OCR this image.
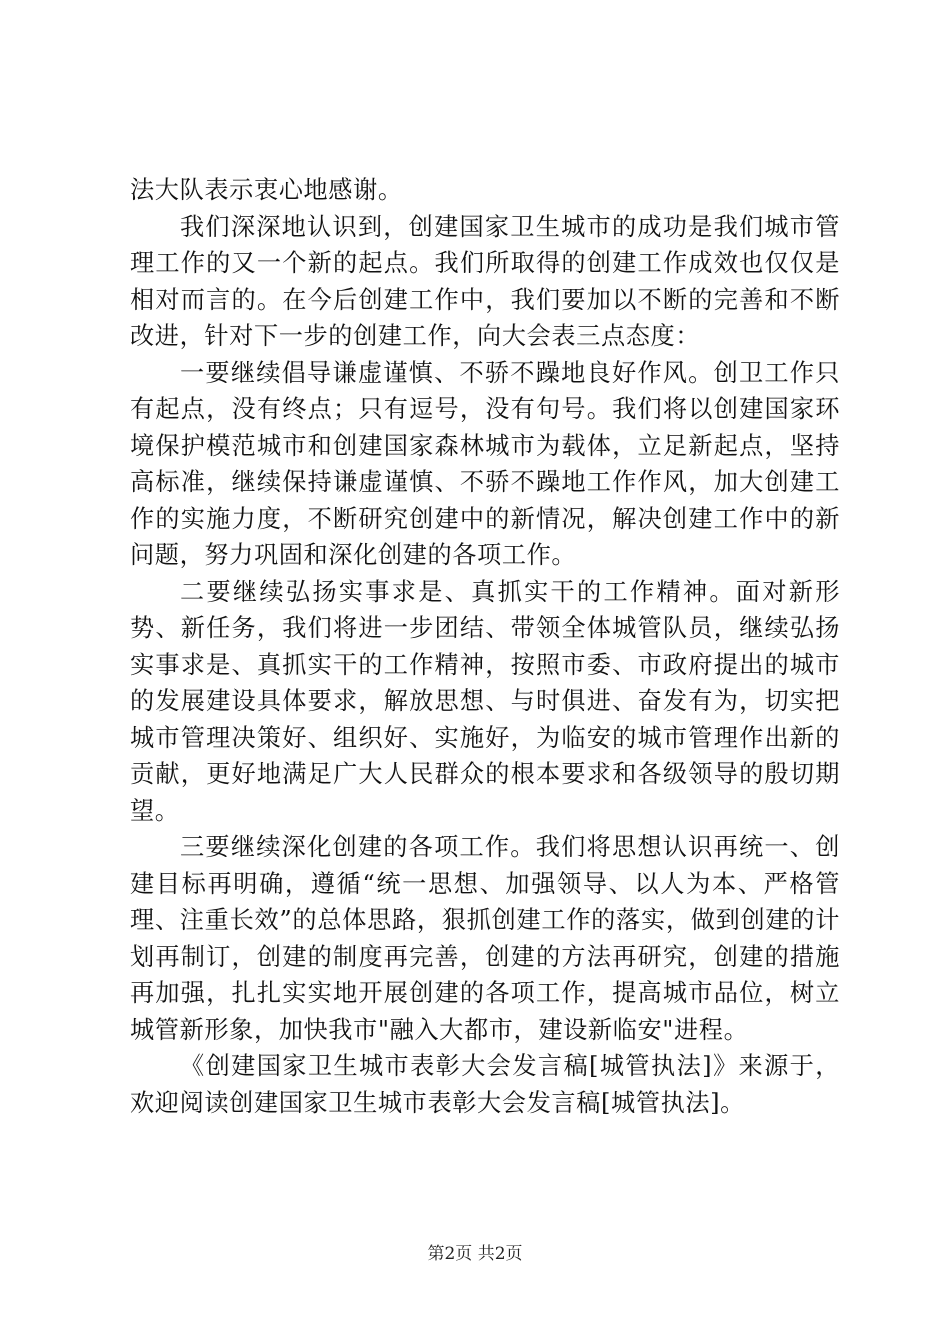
法大队表示衷心地感谢。

我们深深地认识到，创建国家卫生城市的成功是我们城市管理工作的又一个新的起点。我们所取得的创建工作成效也仅仅是相对而言的。在今后创建工作中，我们要加以不断的完善和不断改进，针对下一步的创建工作，向大会表三点态度：

一要继续倡导谦虚谨慎、不骄不躁地良好作风。创卫工作只有起点，没有终点；只有逗号，没有句号。我们将以创建国家环境保护模范城市和创建国家森林城市为载体，立足新起点，坚持高标准，继续保持谦虚谨慎、不骄不躁地工作作风，加大创建工作的实施力度，不断研究创建中的新情况，解决创建工作中的新问题，努力巩固和深化创建的各项工作。

二要继续弘扬实事求是、真抓实干的工作精神。面对新形势、新任务，我们将进一步团结、带领全体城管队员，继续弘扬实事求是、真抓实干的工作精神，按照市委、市政府提出的城市的发展建设具体要求，解放思想、与时俱进、奋发有为，切实把城市管理决策好、组织好、实施好，为临安的城市管理作出新的贡献，更好地满足广大人民群众的根本要求和各级领导的殷切期望。

三要继续深化创建的各项工作。我们将思想认识再统一、创建目标再明确，遵循“统一思想、加强领导、以人为本、严格管理、注重长效”的总体思路，狠抓创建工作的落实，做到创建的计划再制订，创建的制度再完善，创建的方法再研究，创建的措施再加强，扎扎实实地开展创建的各项工作，提高城市品位，树立城管新形象，加快我市"融入大都市，建设新临安"进程。

《创建国家卫生城市表彰大会发言稿[城管执法]》来源于，欢迎阅读创建国家卫生城市表彰大会发言稿[城管执法]。

第2页 共2页
